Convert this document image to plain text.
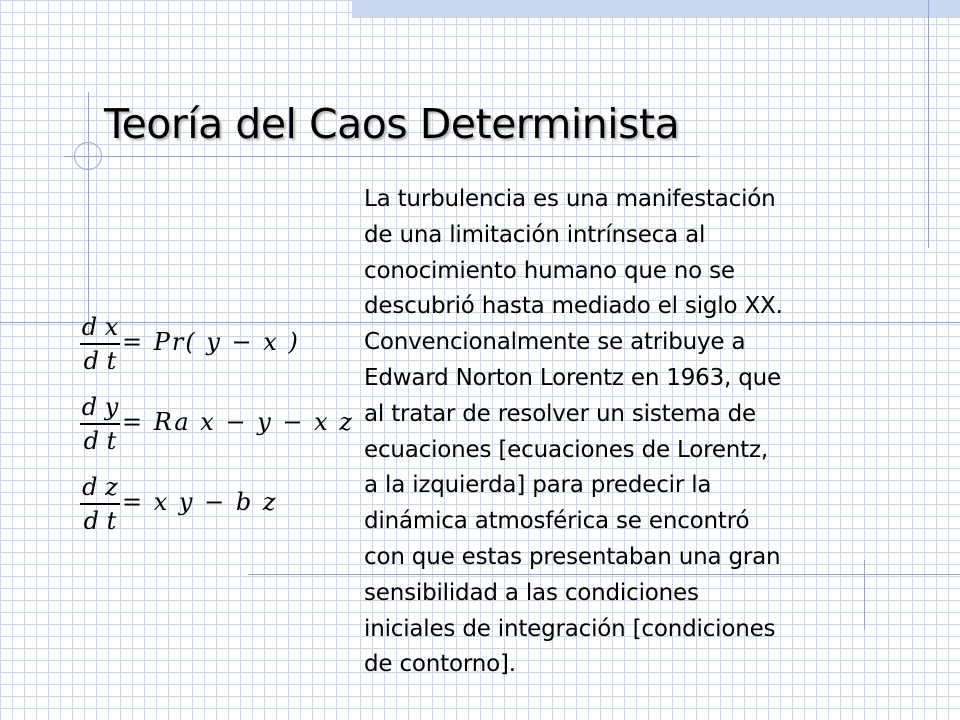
Teoría del Caos Determinista

La turbulencia es una manifestación
de una limitación intrínseca al
conocimiento humano que no se
descubrió hasta mediado el siglo XX.
Convencionalmente se atribuye a
Edward Norton Lorentz en 1963, que
al tratar de resolver un sistema de
ecuaciones [ecuaciones de Lorentz,
a la izquierda] para predecir la
dinámica atmosférica se encontró
con que estas presentaban una gran
sensibilidad a las condiciones
iniciales de integración [condiciones
de contorno].

d x
d t
= Pr( y − x )
d y
d t
= Ra x − y − x z
d z
d t
= x y − b z
